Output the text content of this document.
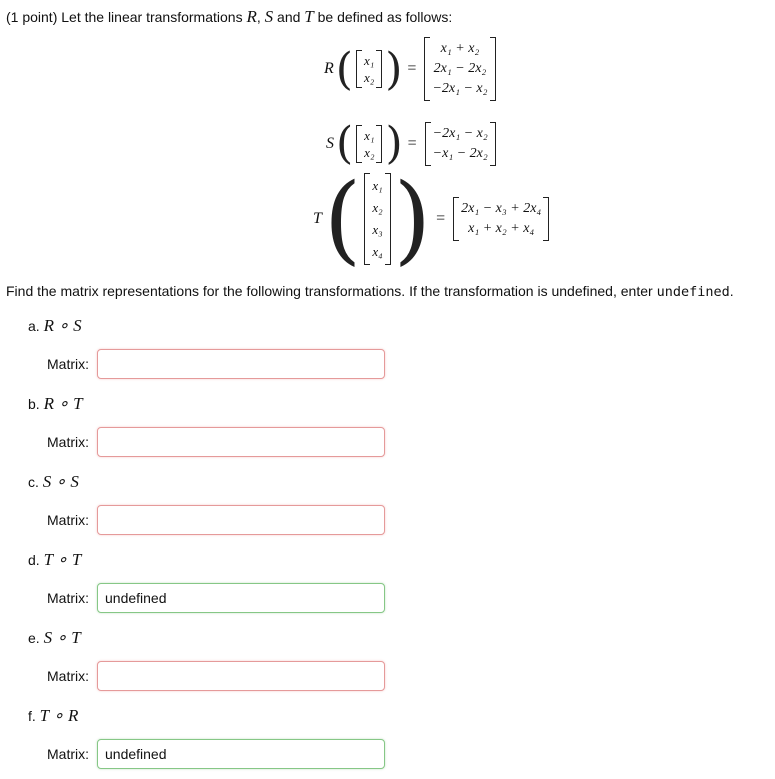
(1 point) Let the linear transformations R, S and T be defined as follows:
R ( x₁
x₂ ) =
x₁ + x₂
2x₁ − 2x₂
−2x₁ − x₂
S ( x₁
x₂ ) =
−2x₁ − x₂
−x₁ − 2x₂
T ( x₁
x₂
x₃
x₄ ) =
2x₁ − x₃ + 2x₄
x₁ + x₂ + x₄
Find the matrix representations for the following transformations. If the transformation is undefined, enter undefined.
a. R ∘ S
Matrix:
b. R ∘ T
Matrix:
c. S ∘ S
Matrix:
d. T ∘ T
Matrix:
undefined
e. S ∘ T
Matrix:
f. T ∘ R
Matrix:
undefined
